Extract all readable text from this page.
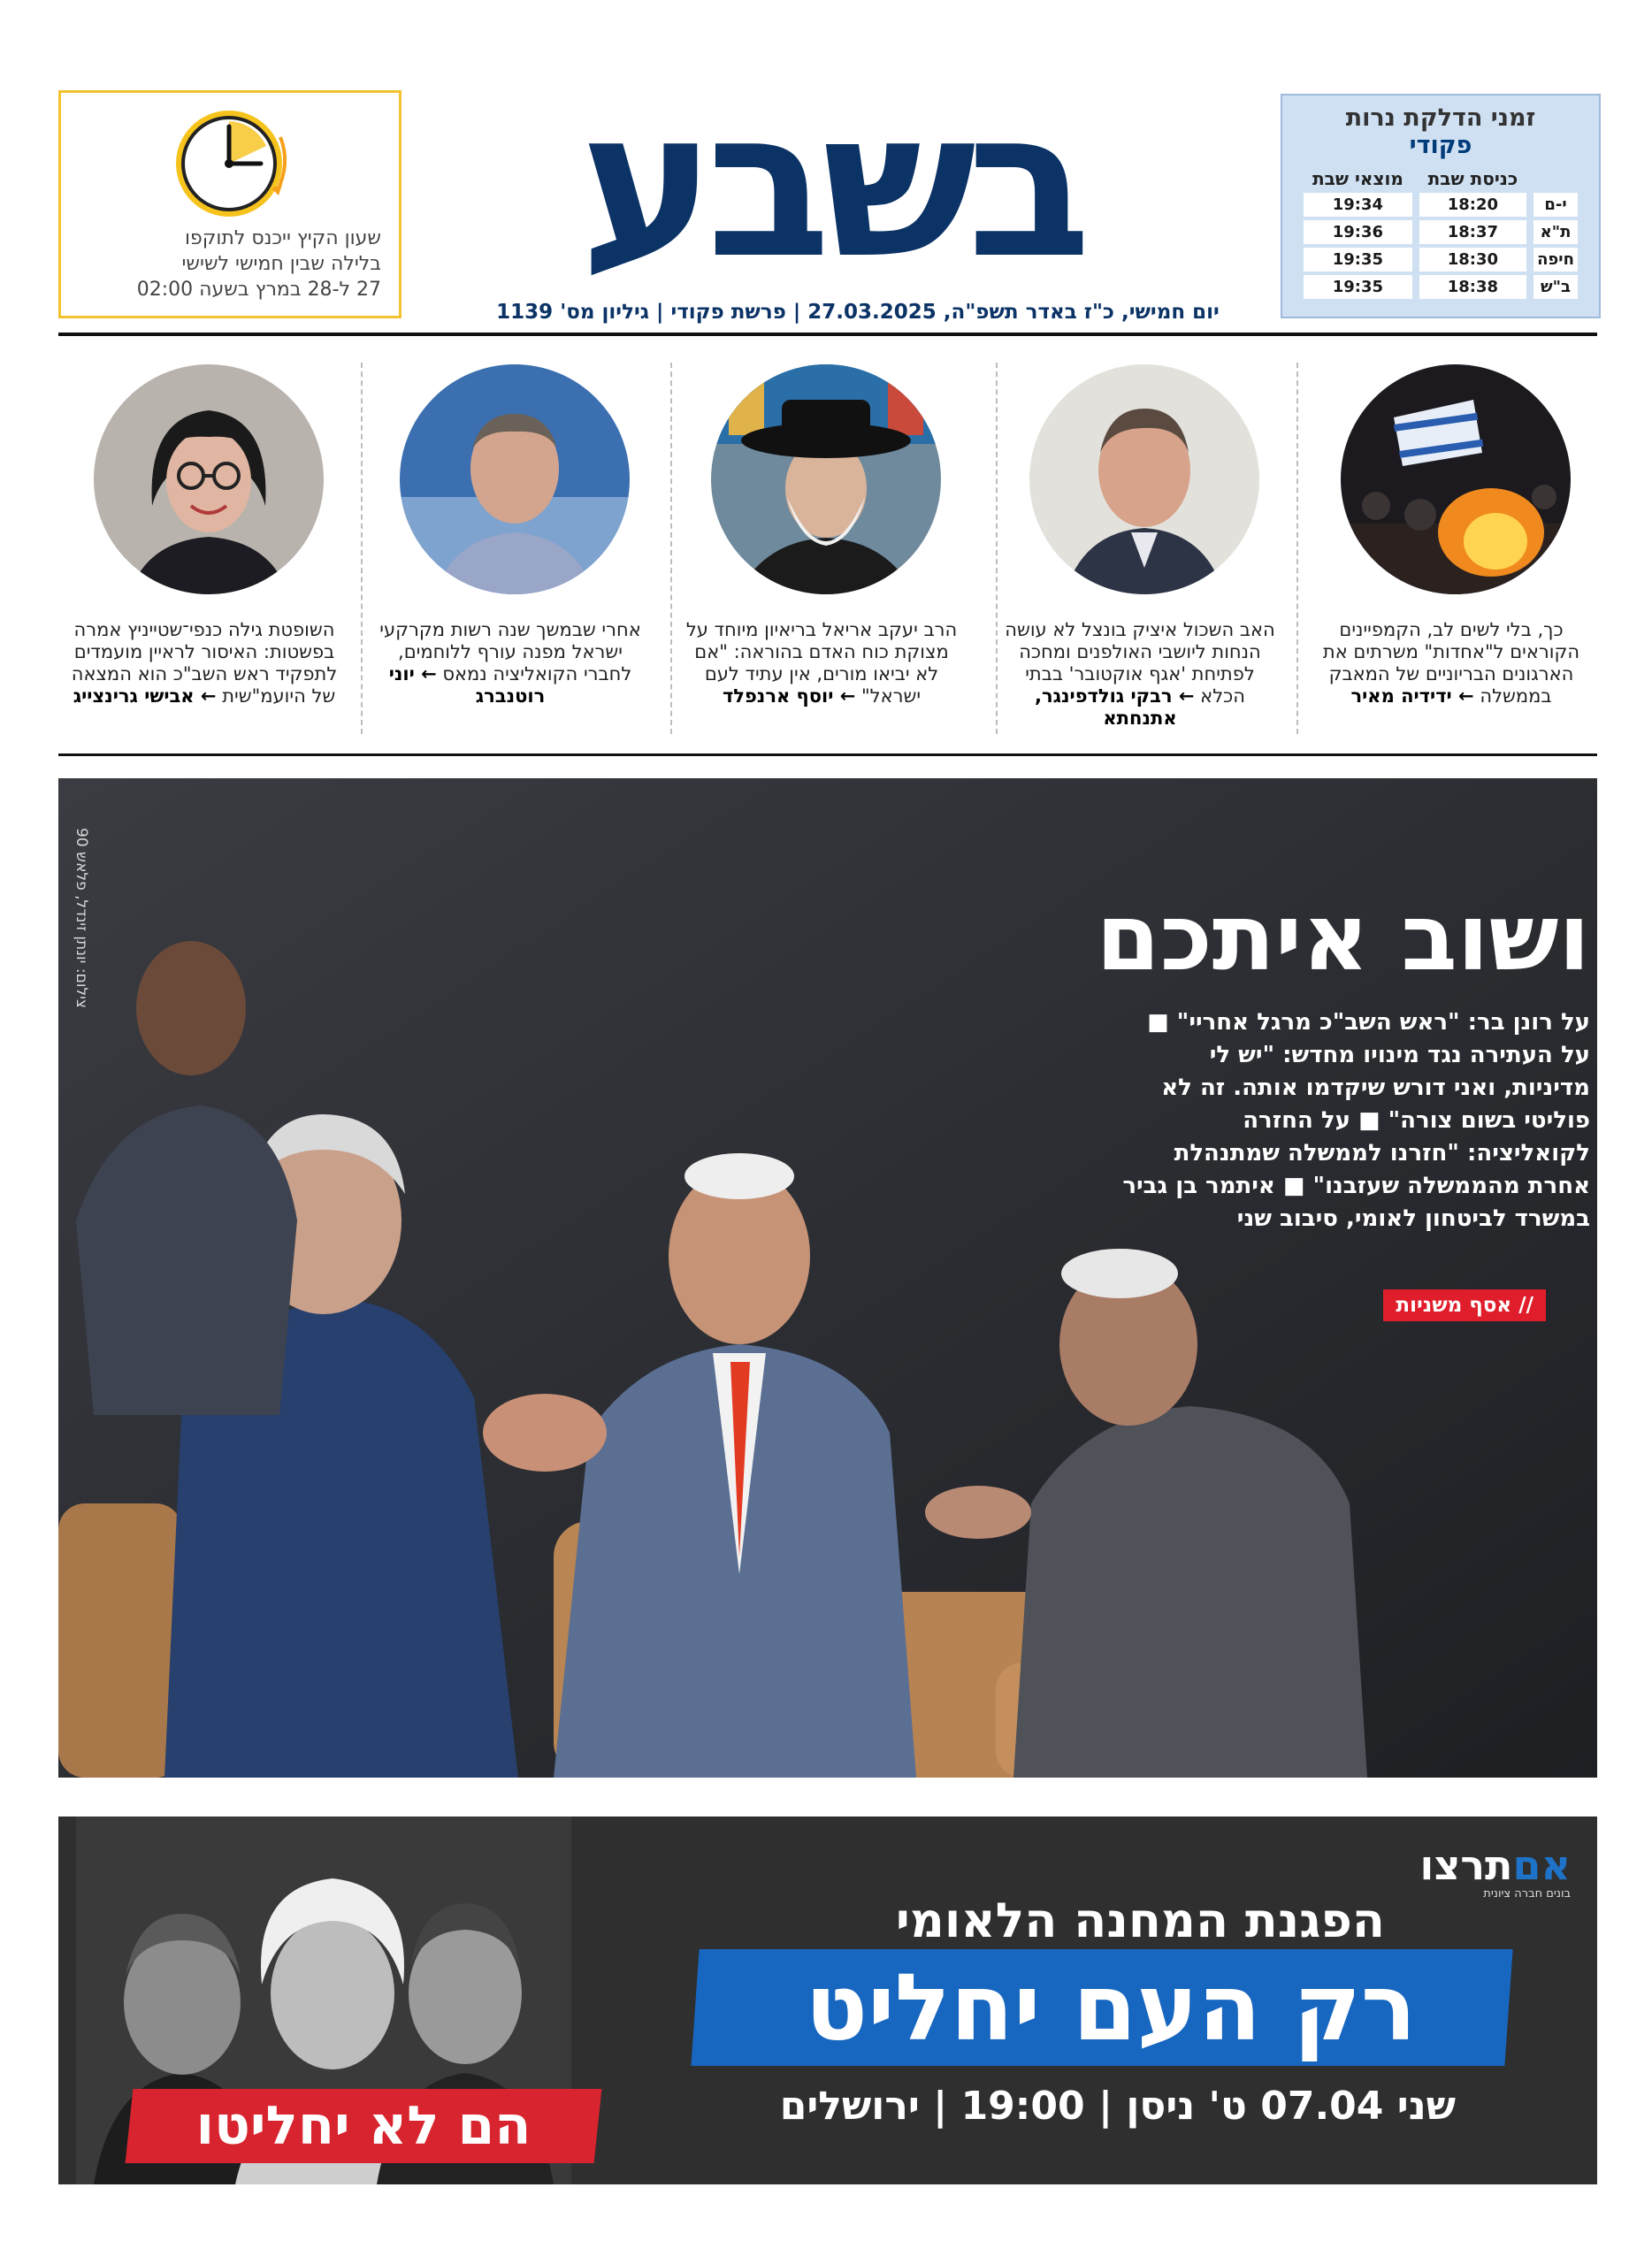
זמני הדלקת נרות
פקודי
	כניסת שבת	מוצאי שבת
י-ם	18:20	19:34
ת"א	18:37	19:36
חיפה	18:30	19:35
ב"ש	18:38	19:35
בשבע
יום חמישי, כ"ז באדר תשפ"ה, 27.03.2025 | פרשת פקודי | גיליון מס' 1139
שעון הקיץ ייכנס לתוקפו
בלילה שבין חמישי לשישי
27 ל-28 במרץ בשעה 02:00
כך, בלי לשים לב, הקמפיינים הקוראים ל"אחדות" משרתים את הארגונים הבריוניים של המאבק בממשלה ← ידידיה מאיר
האב השכול איציק בונצל לא עושה הנחות ליושבי האולפנים ומחכה לפתיחת 'אגף אוקטובר' בבתי הכלא ← רבקי גולדפינגר, אתנחתא
הרב יעקב אריאל בריאיון מיוחד על מצוקת כוח האדם בהוראה: "אם לא יביאו מורים, אין עתיד לעם ישראל" ← יוסף ארנפלד
אחרי שבמשך שנה רשות מקרקעי ישראל מפנה עורף ללוחמים, לחברי הקואליציה נמאס ← יוני רוטנברג
השופטת גילה כנפי־שטייניץ אמרה בפשטות: האיסור לראיין מועמדים לתפקיד ראש השב"כ הוא המצאה של היועמ"שית ← אבישי גרינצייג
צילום: יונתן זינדל, פלאש 90	ושוב איתכם
על רונן בר: "ראש השב"כ מרגל אחריי" ■ על העתירה נגד מינויו מחדש: "יש לי מדיניות, ואני דורש שיקדמו אותה. זה לא פוליטי בשום צורה" ■ על החזרה לקואליציה: "חזרנו לממשלה שמתנהלת אחרת מהממשלה שעזבנו" ■ איתמר בן גביר במשרד לביטחון לאומי, סיבוב שני
// אסף משניות
הם לא יחליטו
אםתרצו
בונים חברה ציונית
הפגנת המחנה הלאומי
רק העם יחליט
שני 07.04 ט' ניסן | 19:00 | ירושלים
